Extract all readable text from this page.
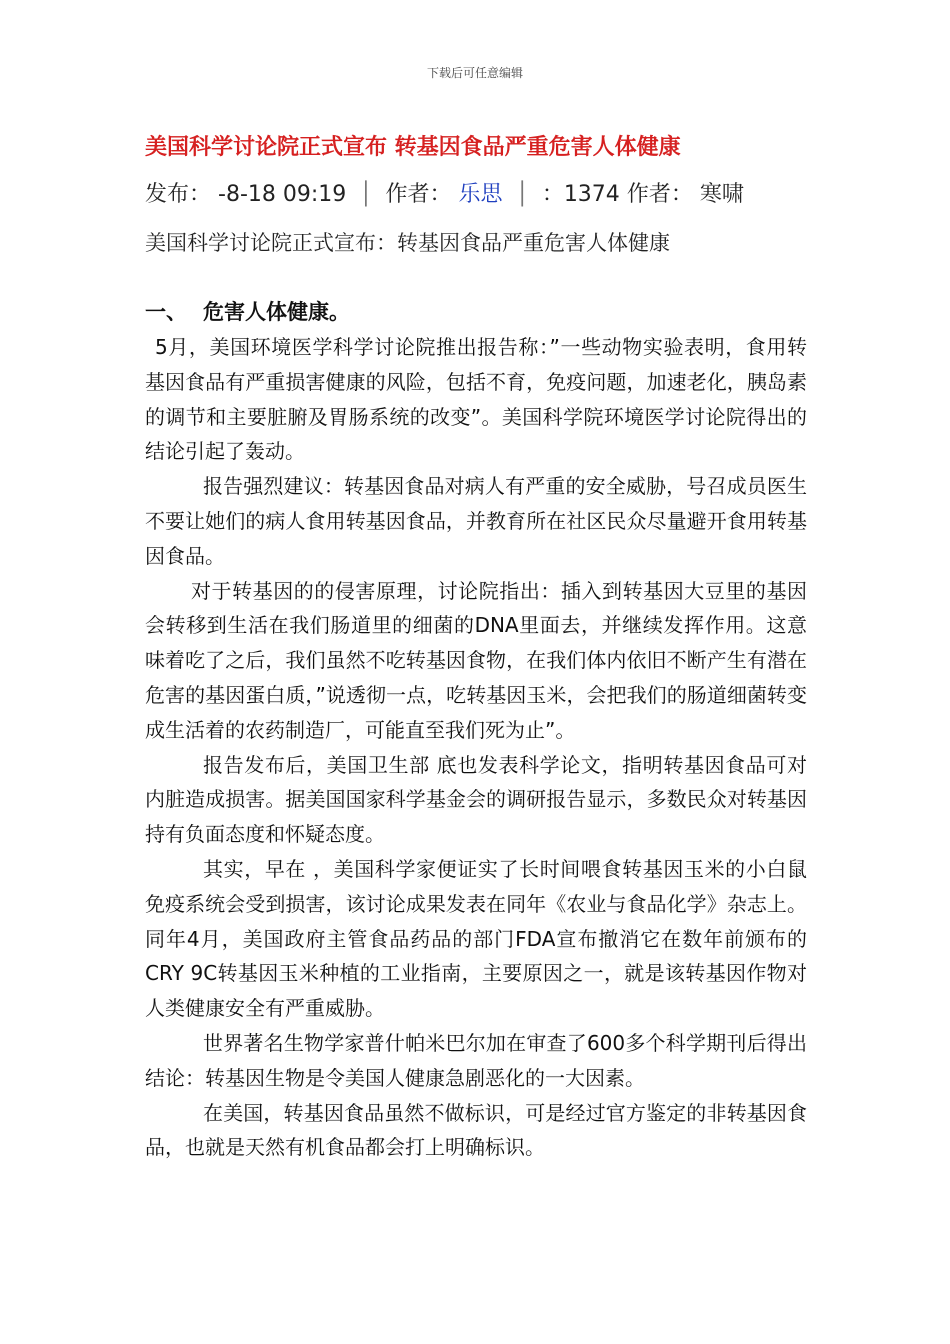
下载后可任意编辑
美国科学讨论院正式宣布 转基因食品严重危害人体健康
发布： -8-18 09:19 │ 作者： 乐思 │ ：1374 作者： 寒啸
美国科学讨论院正式宣布：转基因食品严重危害人体健康
一、 危害人体健康。

5月，美国环境医学科学讨论院推出报告称：”一些动物实验表明，食用转基因食品有严重损害健康的风险，包括不育，免疫问题，加速老化，胰岛素的调节和主要脏腑及胃肠系统的改变”。美国科学院环境医学讨论院得出的结论引起了轰动。

报告强烈建议：转基因食品对病人有严重的安全威胁，号召成员医生不要让她们的病人食用转基因食品，并教育所在社区民众尽量避开食用转基因食品。

对于转基因的的侵害原理，讨论院指出：插入到转基因大豆里的基因会转移到生活在我们肠道里的细菌的DNA里面去，并继续发挥作用。这意味着吃了之后，我们虽然不吃转基因食物，在我们体内依旧不断产生有潜在危害的基因蛋白质，”说透彻一点，吃转基因玉米，会把我们的肠道细菌转变成生活着的农药制造厂，可能直至我们死为止”。

报告发布后，美国卫生部 底也发表科学论文，指明转基因食品可对内脏造成损害。据美国国家科学基金会的调研报告显示，多数民众对转基因持有负面态度和怀疑态度。

其实，早在 ，美国科学家便证实了长时间喂食转基因玉米的小白鼠免疫系统会受到损害，该讨论成果发表在同年《农业与食品化学》杂志上。同年4月，美国政府主管食品药品的部门FDA宣布撤消它在数年前颁布的CRY 9C转基因玉米种植的工业指南，主要原因之一，就是该转基因作物对人类健康安全有严重威胁。

世界著名生物学家普什帕米巴尔加在审查了600多个科学期刊后得出结论：转基因生物是令美国人健康急剧恶化的一大因素。

在美国，转基因食品虽然不做标识，可是经过官方鉴定的非转基因食品，也就是天然有机食品都会打上明确标识。
